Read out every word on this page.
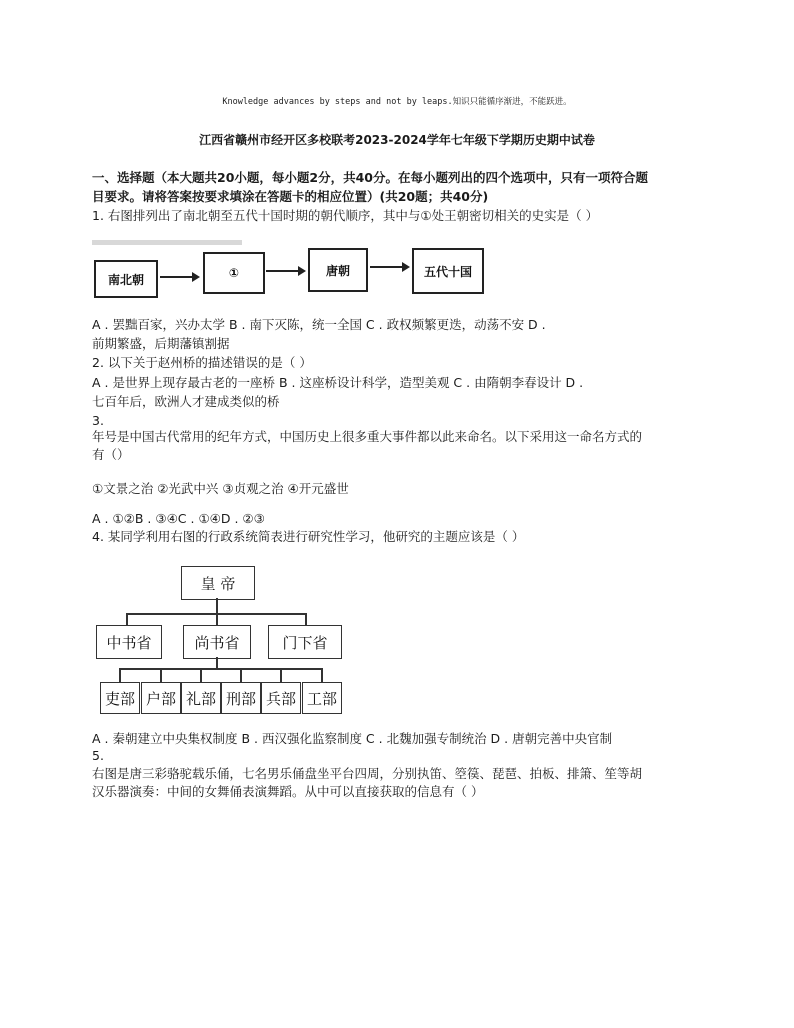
Knowledge advances by steps and not by leaps.知识只能循序渐进，不能跃进。
江西省赣州市经开区多校联考2023-2024学年七年级下学期历史期中试卷
一、选择题（本大题共20小题，每小题2分，共40分。在每小题列出的四个选项中，只有一项符合题
目要求。请将答案按要求填涂在答题卡的相应位置）(共20题；共40分)
1. 右图排列出了南北朝至五代十国时期的朝代顺序，其中与①处王朝密切相关的史实是（ ）
南北朝	①	唐朝	五代十国
A . 罢黜百家，兴办太学 B . 南下灭陈，统一全国 C . 政权频繁更迭，动荡不安 D .
前期繁盛，后期藩镇割据
2. 以下关于赵州桥的描述错误的是（ ）
A . 是世界上现存最古老的一座桥 B . 这座桥设计科学，造型美观 C . 由隋朝李春设计 D .
七百年后，欧洲人才建成类似的桥
3.
年号是中国古代常用的纪年方式，中国历史上很多重大事件都以此来命名。以下采用这一命名方式的
有（）
①文景之治 ②光武中兴 ③贞观之治 ④开元盛世
A . ①②B . ③④C . ①④D . ②③
4. 某同学利用右图的行政系统简表进行研究性学习，他研究的主题应该是（ ）
皇 帝
中书省	尚书省	门下省
吏部 户部 礼部 刑部 兵部 工部
A . 秦朝建立中央集权制度 B . 西汉强化监察制度 C . 北魏加强专制统治 D . 唐朝完善中央官制
5.
右图是唐三彩骆驼载乐俑，七名男乐俑盘坐平台四周，分别执笛、箜篌、琵琶、拍板、排箫、笙等胡
汉乐器演奏：中间的女舞俑表演舞蹈。从中可以直接获取的信息有（ ）
